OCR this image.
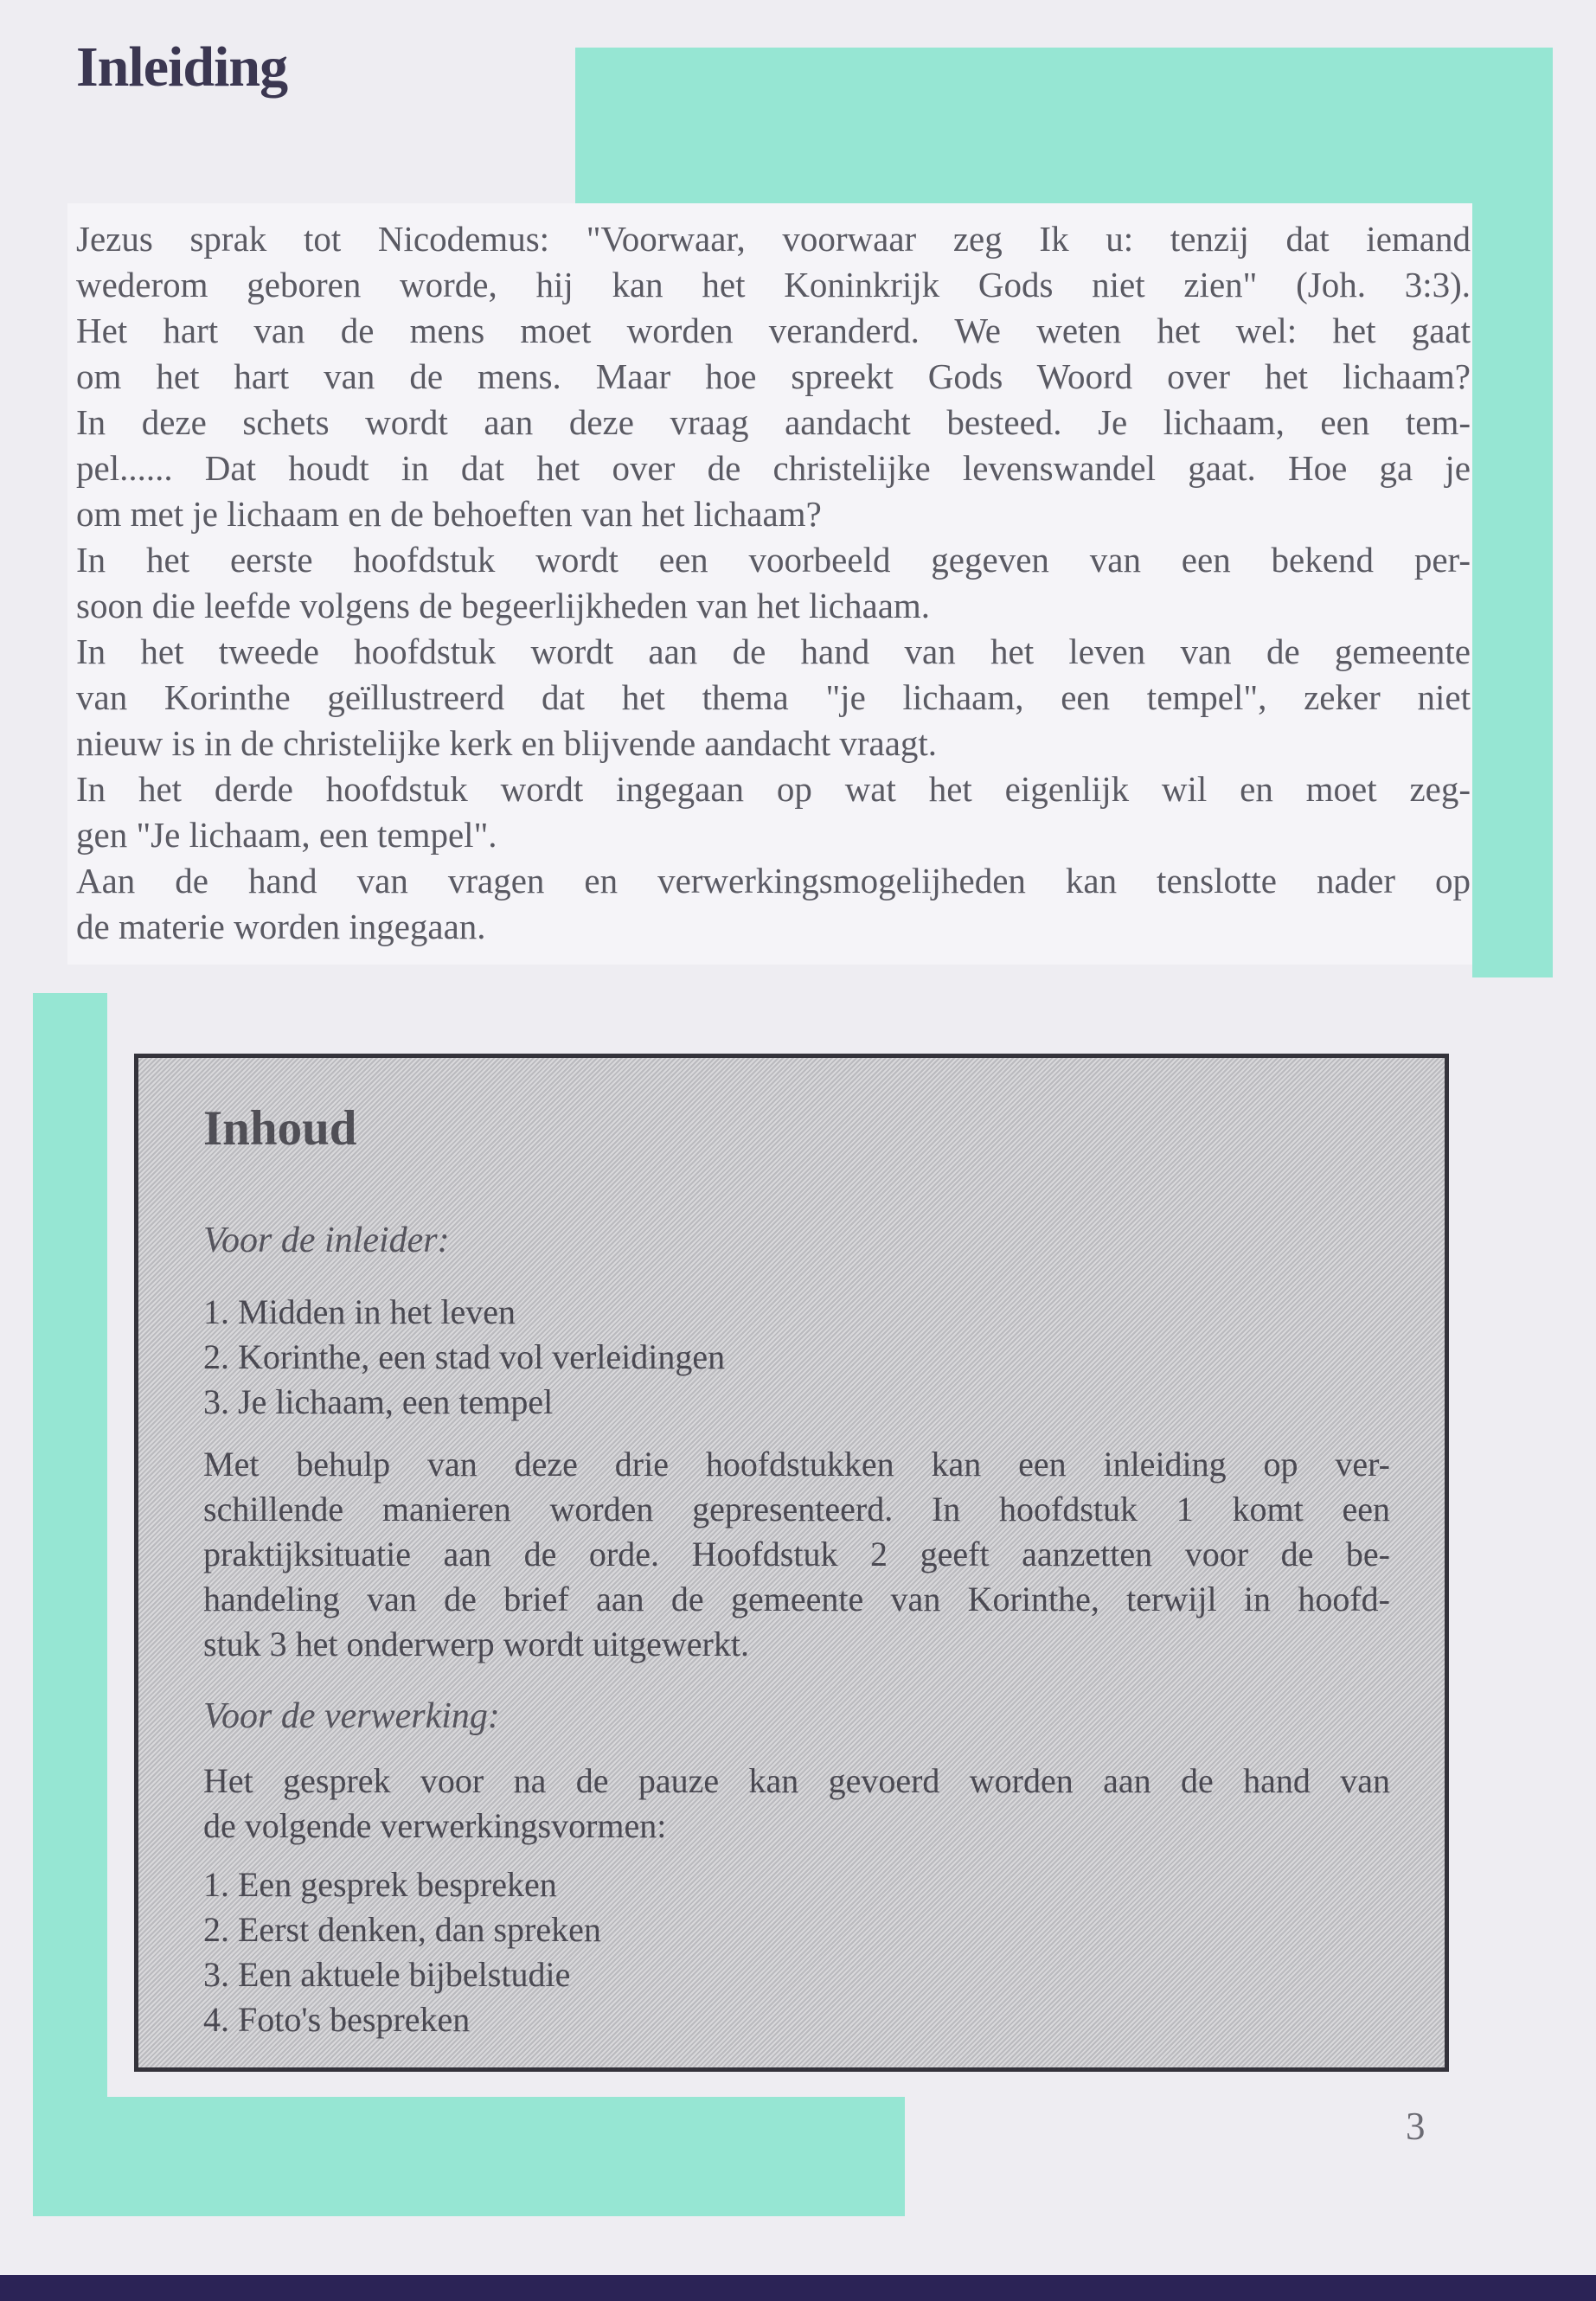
Inleiding
Jezus sprak tot Nicodemus: "Voorwaar, voorwaar zeg Ik u: tenzij dat iemand
wederom geboren worde, hij kan het Koninkrijk Gods niet zien" (Joh. 3:3).
Het hart van de mens moet worden veranderd. We weten het wel: het gaat
om het hart van de mens. Maar hoe spreekt Gods Woord over het lichaam?
In deze schets wordt aan deze vraag aandacht besteed. Je lichaam, een tem-
pel...... Dat houdt in dat het over de christelijke levenswandel gaat. Hoe ga je
om met je lichaam en de behoeften van het lichaam?
In het eerste hoofdstuk wordt een voorbeeld gegeven van een bekend per-
soon die leefde volgens de begeerlijkheden van het lichaam.
In het tweede hoofdstuk wordt aan de hand van het leven van de gemeente
van Korinthe geïllustreerd dat het thema "je lichaam, een tempel", zeker niet
nieuw is in de christelijke kerk en blijvende aandacht vraagt.
In het derde hoofdstuk wordt ingegaan op wat het eigenlijk wil en moet zeg-
gen "Je lichaam, een tempel".
Aan de hand van vragen en verwerkingsmogelijheden kan tenslotte nader op
de materie worden ingegaan.
Inhoud
Voor de inleider:
1. Midden in het leven
2. Korinthe, een stad vol verleidingen
3. Je lichaam, een tempel
Met behulp van deze drie hoofdstukken kan een inleiding op ver-
schillende manieren worden gepresenteerd. In hoofdstuk 1 komt een
praktijksituatie aan de orde. Hoofdstuk 2 geeft aanzetten voor de be-
handeling van de brief aan de gemeente van Korinthe, terwijl in hoofd-
stuk 3 het onderwerp wordt uitgewerkt.
Voor de verwerking:
Het gesprek voor na de pauze kan gevoerd worden aan de hand van
de volgende verwerkingsvormen:
1. Een gesprek bespreken
2. Eerst denken, dan spreken
3. Een aktuele bijbelstudie
4. Foto's bespreken
3
